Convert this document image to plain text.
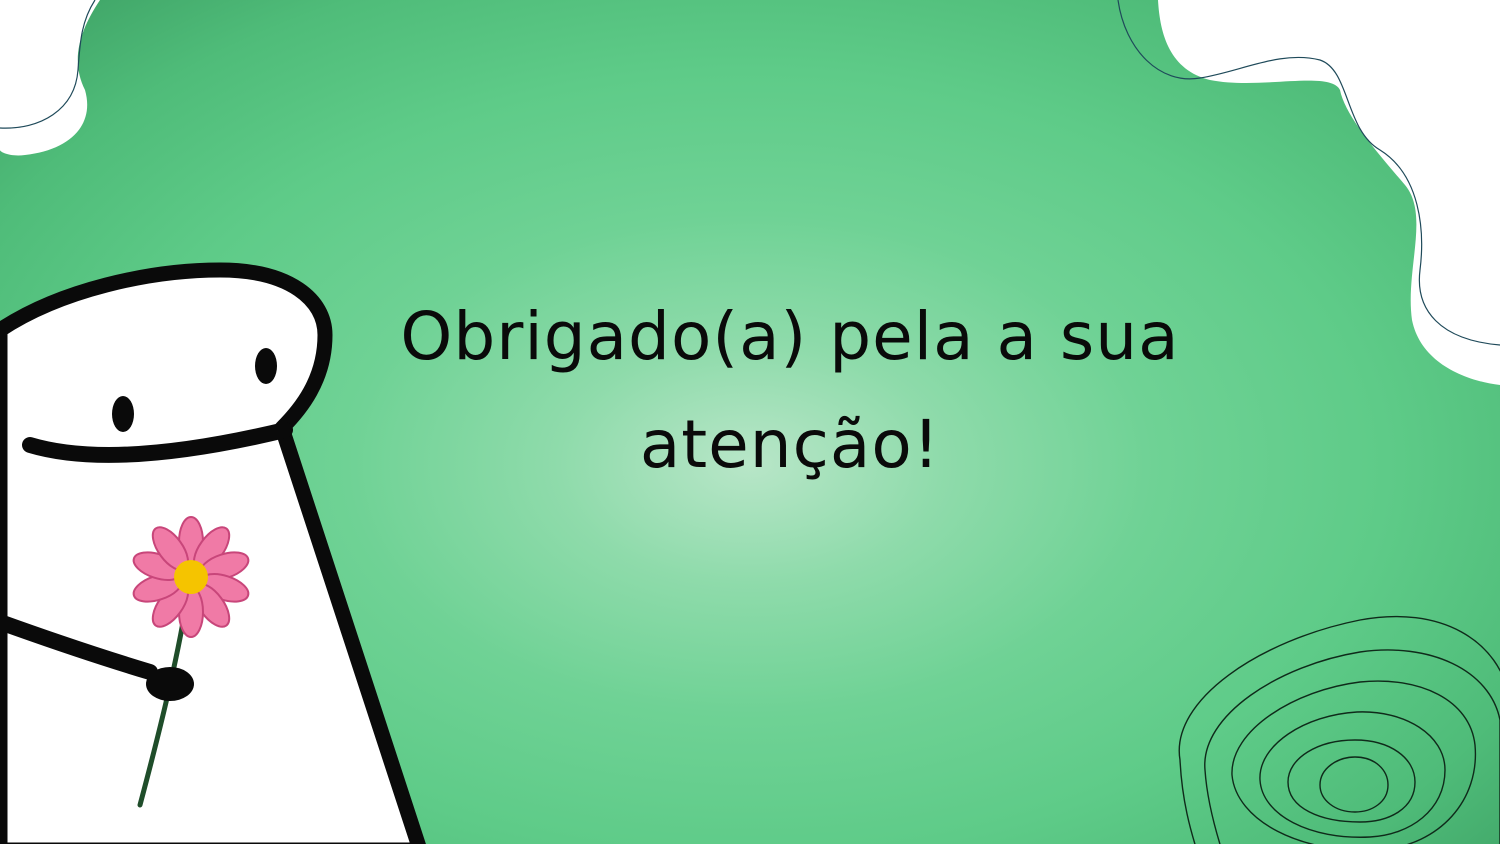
Obrigado(a) pela a sua
atenção!
